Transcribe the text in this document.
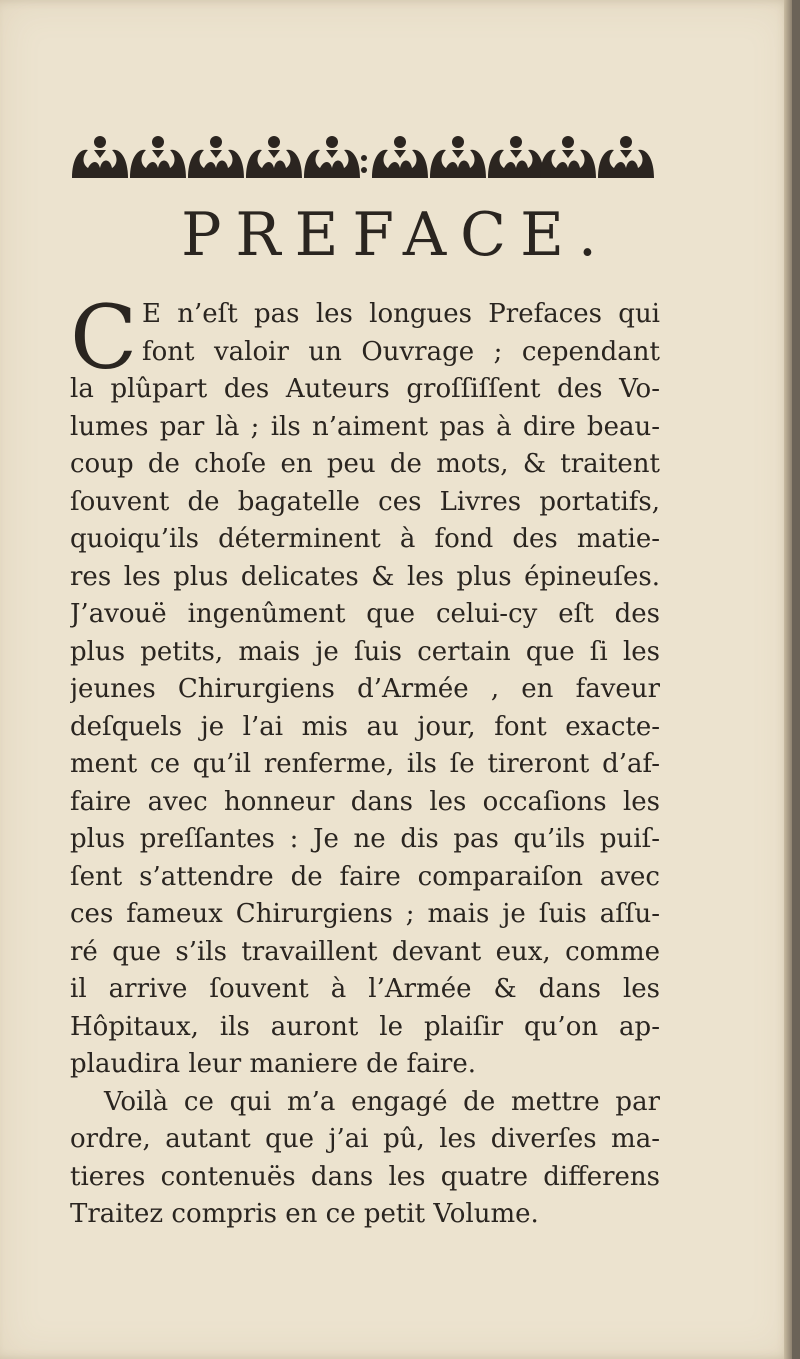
PREFACE.
C E n’eſt pas les longues Prefaces qui
font valoir un Ouvrage ; cependant
la plûpart des Auteurs groſſiſſent des Vo-
lumes par là ; ils n’aiment pas à dire beau-
coup de choſe en peu de mots, & traitent
ſouvent de bagatelle ces Livres portatifs,
quoiqu’ils déterminent à fond des matie-
res les plus delicates & les plus épineuſes.
J’avouë ingenûment que celui-cy eſt des
plus petits, mais je ſuis certain que ſi les
jeunes Chirurgiens d’Armée , en faveur
deſquels je l’ai mis au jour, font exacte-
ment ce qu’il renferme, ils ſe tireront d’af-
faire avec honneur dans les occaſions les
plus preſſantes : Je ne dis pas qu’ils puiſ-
ſent s’attendre de faire comparaiſon avec
ces fameux Chirurgiens ; mais je ſuis aſſu-
ré que s’ils travaillent devant eux, comme
il arrive ſouvent à l’Armée & dans les
Hôpitaux, ils auront le plaiſir qu’on ap-
plaudira leur maniere de faire.
Voilà ce qui m’a engagé de mettre par
ordre, autant que j’ai pû, les diverſes ma-
tieres contenuës dans les quatre differens
Traitez compris en ce petit Volume.
